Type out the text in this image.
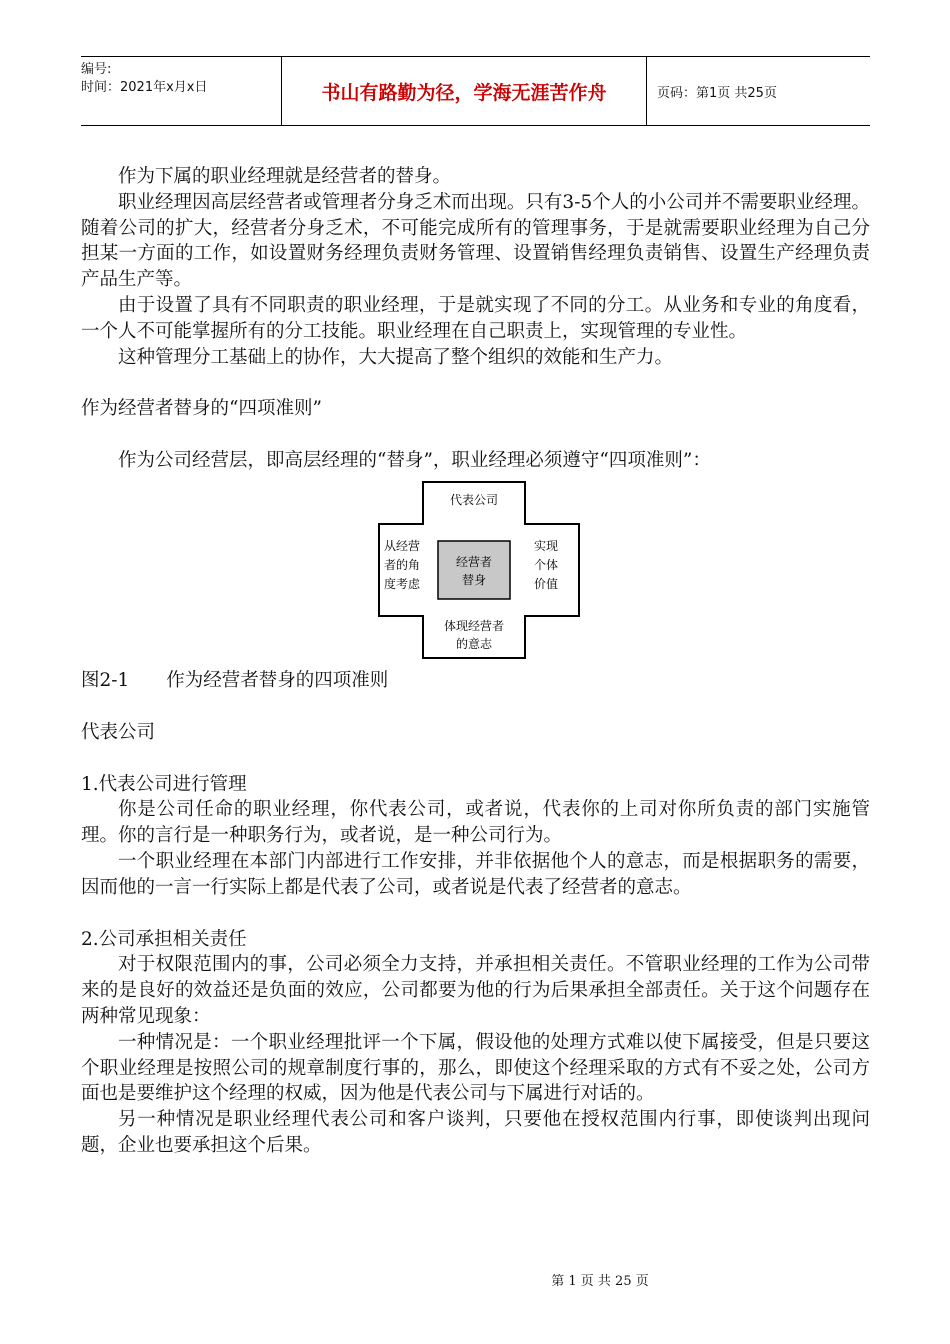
编号:
时间：2021年x月x日	书山有路勤为径，学海无涯苦作舟	页码：第1页 共25页

作为下属的职业经理就是经营者的替身。

职业经理因高层经营者或管理者分身乏术而出现。只有3-5个人的小公司并不需要职业经理。随着公司的扩大，经营者分身乏术，不可能完成所有的管理事务，于是就需要职业经理为自己分担某一方面的工作，如设置财务经理负责财务管理、设置销售经理负责销售、设置生产经理负责产品生产等。

由于设置了具有不同职责的职业经理，于是就实现了不同的分工。从业务和专业的角度看，一个人不可能掌握所有的分工技能。职业经理在自己职责上，实现管理的专业性。

这种管理分工基础上的协作，大大提高了整个组织的效能和生产力。

作为经营者替身的“四项准则”

作为公司经营层，即高层经理的“替身”，职业经理必须遵守“四项准则”：

代表公司
从经营
者的角
度考虑
经营者
替身
实现
个体
价值
体现经营者
的意志

图2-1　　作为经营者替身的四项准则

代表公司

1.代表公司进行管理

你是公司任命的职业经理，你代表公司，或者说，代表你的上司对你所负责的部门实施管理。你的言行是一种职务行为，或者说，是一种公司行为。

一个职业经理在本部门内部进行工作安排，并非依据他个人的意志，而是根据职务的需要，因而他的一言一行实际上都是代表了公司，或者说是代表了经营者的意志。

2.公司承担相关责任

对于权限范围内的事，公司必须全力支持，并承担相关责任。不管职业经理的工作为公司带来的是良好的效益还是负面的效应，公司都要为他的行为后果承担全部责任。关于这个问题存在两种常见现象：

一种情况是：一个职业经理批评一个下属，假设他的处理方式难以使下属接受，但是只要这个职业经理是按照公司的规章制度行事的，那么，即使这个经理采取的方式有不妥之处，公司方面也是要维护这个经理的权威，因为他是代表公司与下属进行对话的。

另一种情况是职业经理代表公司和客户谈判，只要他在授权范围内行事，即使谈判出现问题，企业也要承担这个后果。

第 1 页 共 25 页
